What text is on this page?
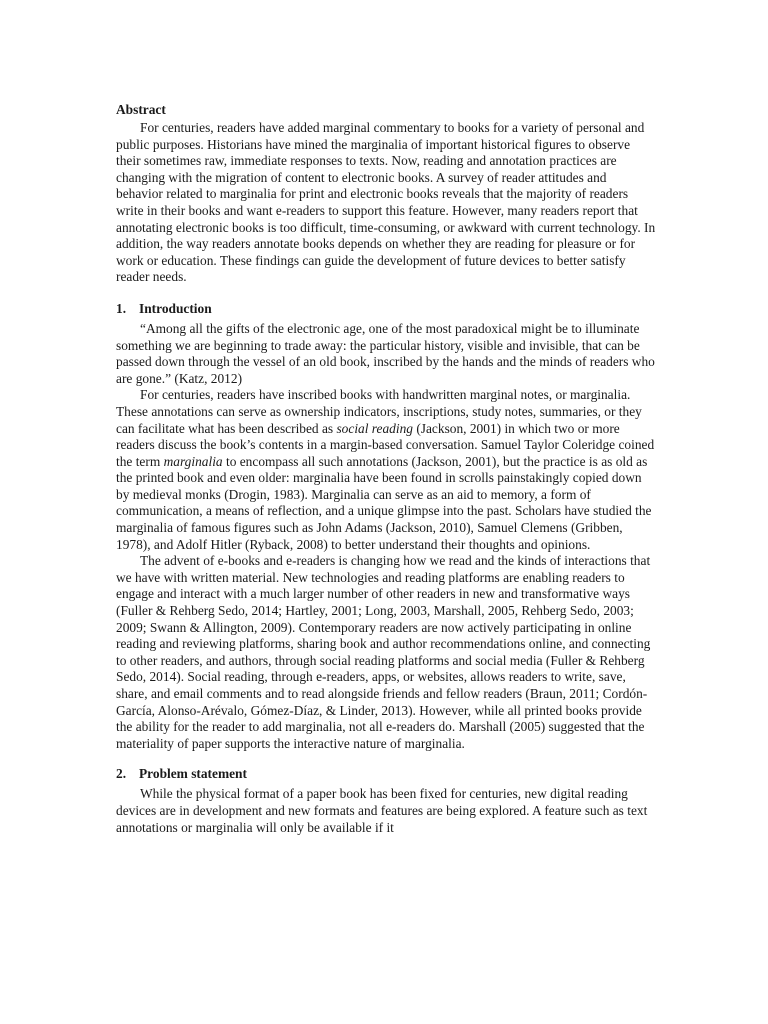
Abstract

For centuries, readers have added marginal commentary to books for a variety of personal and public purposes. Historians have mined the marginalia of important historical figures to observe their sometimes raw, immediate responses to texts. Now, reading and annotation practices are changing with the migration of content to electronic books. A survey of reader attitudes and behavior related to marginalia for print and electronic books reveals that the majority of readers write in their books and want e-readers to support this feature. However, many readers report that annotating electronic books is too difficult, time-consuming, or awkward with current technology. In addition, the way readers annotate books depends on whether they are reading for pleasure or for work or education. These findings can guide the development of future devices to better satisfy reader needs.

1. Introduction

“Among all the gifts of the electronic age, one of the most paradoxical might be to illuminate something we are beginning to trade away: the particular history, visible and invisible, that can be passed down through the vessel of an old book, inscribed by the hands and the minds of readers who are gone.” (Katz, 2012)

For centuries, readers have inscribed books with handwritten marginal notes, or marginalia. These annotations can serve as ownership indicators, inscriptions, study notes, summaries, or they can facilitate what has been described as social reading (Jackson, 2001) in which two or more readers discuss the book’s contents in a margin-based conversation. Samuel Taylor Coleridge coined the term marginalia to encompass all such annotations (Jackson, 2001), but the practice is as old as the printed book and even older: marginalia have been found in scrolls painstakingly copied down by medieval monks (Drogin, 1983). Marginalia can serve as an aid to memory, a form of communication, a means of reflection, and a unique glimpse into the past. Scholars have studied the marginalia of famous figures such as John Adams (Jackson, 2010), Samuel Clemens (Gribben, 1978), and Adolf Hitler (Ryback, 2008) to better understand their thoughts and opinions.

The advent of e-books and e-readers is changing how we read and the kinds of interactions that we have with written material. New technologies and reading platforms are enabling readers to engage and interact with a much larger number of other readers in new and transformative ways (Fuller & Rehberg Sedo, 2014; Hartley, 2001; Long, 2003, Marshall, 2005, Rehberg Sedo, 2003; 2009; Swann & Allington, 2009). Contemporary readers are now actively participating in online reading and reviewing platforms, sharing book and author recommendations online, and connecting to other readers, and authors, through social reading platforms and social media (Fuller & Rehberg Sedo, 2014). Social reading, through e-readers, apps, or websites, allows readers to write, save, share, and email comments and to read alongside friends and fellow readers (Braun, 2011; Cordón-García, Alonso-Arévalo, Gómez-Díaz, & Linder, 2013). However, while all printed books provide the ability for the reader to add marginalia, not all e-readers do. Marshall (2005) suggested that the materiality of paper supports the interactive nature of marginalia.

2. Problem statement

While the physical format of a paper book has been fixed for centuries, new digital reading devices are in development and new formats and features are being explored. A feature such as text annotations or marginalia will only be available if it
